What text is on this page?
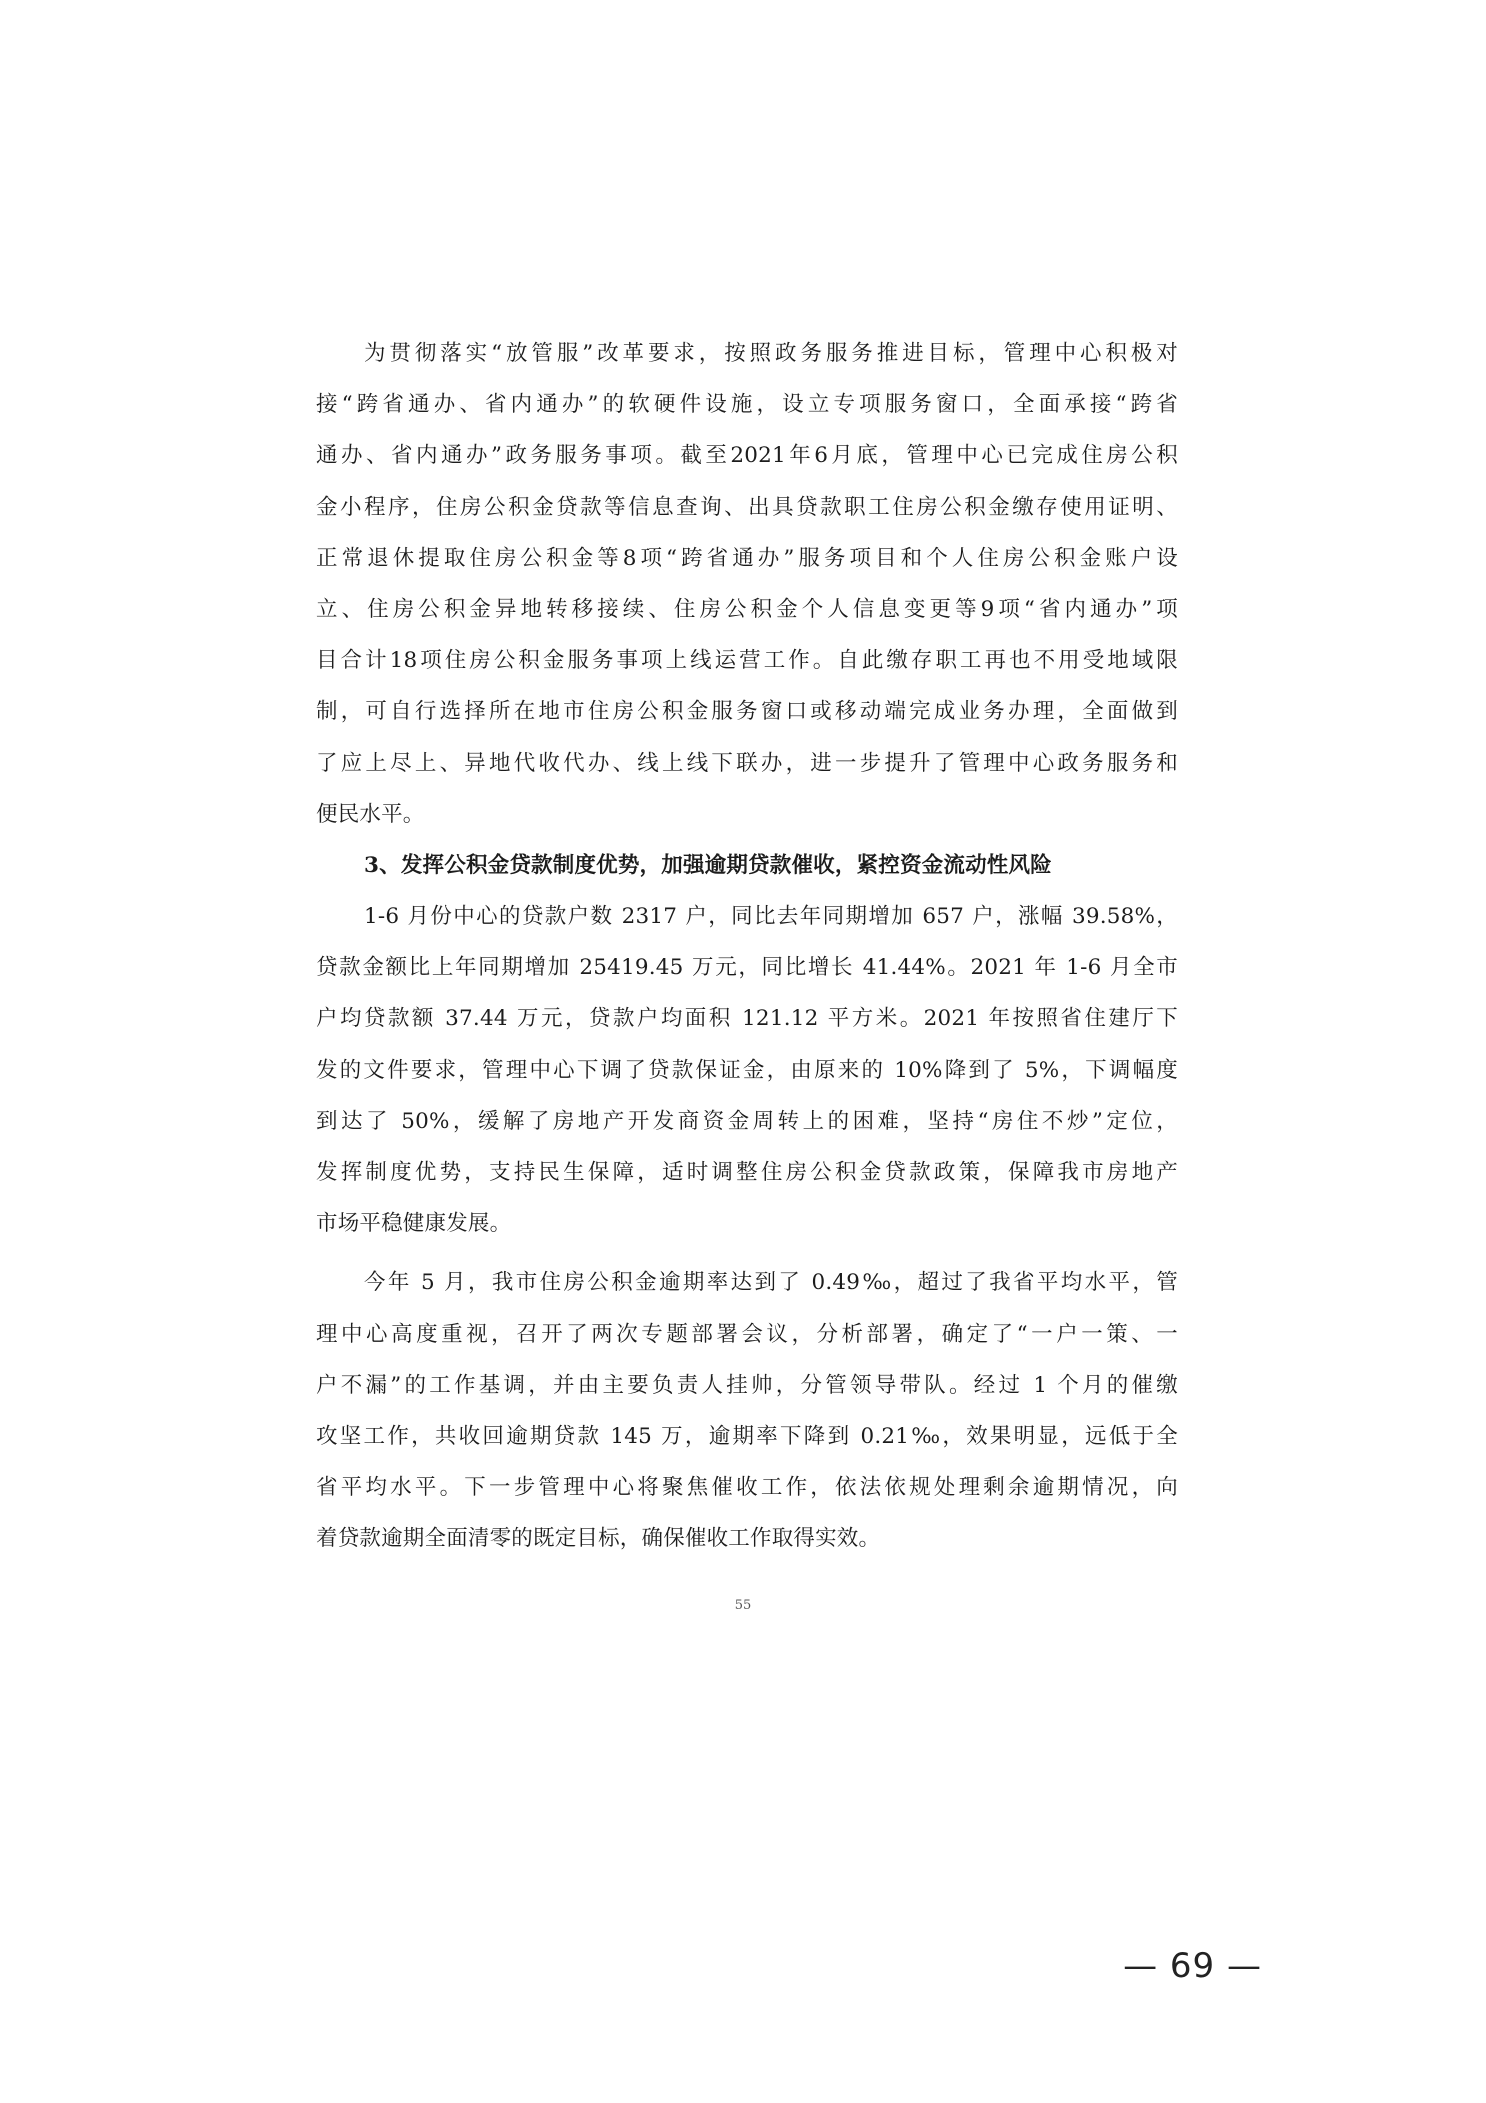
为贯彻落实“放管服”改革要求，按照政务服务推进目标，管理中心积极对
接“跨省通办、省内通办”的软硬件设施，设立专项服务窗口，全面承接“跨省
通办、省内通办”政务服务事项。截至2021年6月底，管理中心已完成住房公积
金小程序，住房公积金贷款等信息查询、出具贷款职工住房公积金缴存使用证明、
正常退休提取住房公积金等8项“跨省通办”服务项目和个人住房公积金账户设
立、住房公积金异地转移接续、住房公积金个人信息变更等9项“省内通办”项
目合计18项住房公积金服务事项上线运营工作。自此缴存职工再也不用受地域限
制，可自行选择所在地市住房公积金服务窗口或移动端完成业务办理，全面做到
了应上尽上、异地代收代办、线上线下联办，进一步提升了管理中心政务服务和
便民水平。
3、发挥公积金贷款制度优势，加强逾期贷款催收，紧控资金流动性风险
1-6 月份中心的贷款户数 2317 户，同比去年同期增加 657 户，涨幅 39.58%，
贷款金额比上年同期增加 25419.45 万元，同比增长 41.44%。2021 年 1-6 月全市
户均贷款额 37.44 万元，贷款户均面积 121.12 平方米。2021 年按照省住建厅下
发的文件要求，管理中心下调了贷款保证金，由原来的 10%降到了 5%，下调幅度
到达了 50%，缓解了房地产开发商资金周转上的困难，坚持“房住不炒”定位，
发挥制度优势，支持民生保障，适时调整住房公积金贷款政策，保障我市房地产
市场平稳健康发展。
今年 5 月，我市住房公积金逾期率达到了 0.49‰，超过了我省平均水平，管
理中心高度重视，召开了两次专题部署会议，分析部署，确定了“一户一策、一
户不漏”的工作基调，并由主要负责人挂帅，分管领导带队。经过 1 个月的催缴
攻坚工作，共收回逾期贷款 145 万，逾期率下降到 0.21‰，效果明显，远低于全
省平均水平。下一步管理中心将聚焦催收工作，依法依规处理剩余逾期情况，向
着贷款逾期全面清零的既定目标，确保催收工作取得实效。
55
— 69 —
